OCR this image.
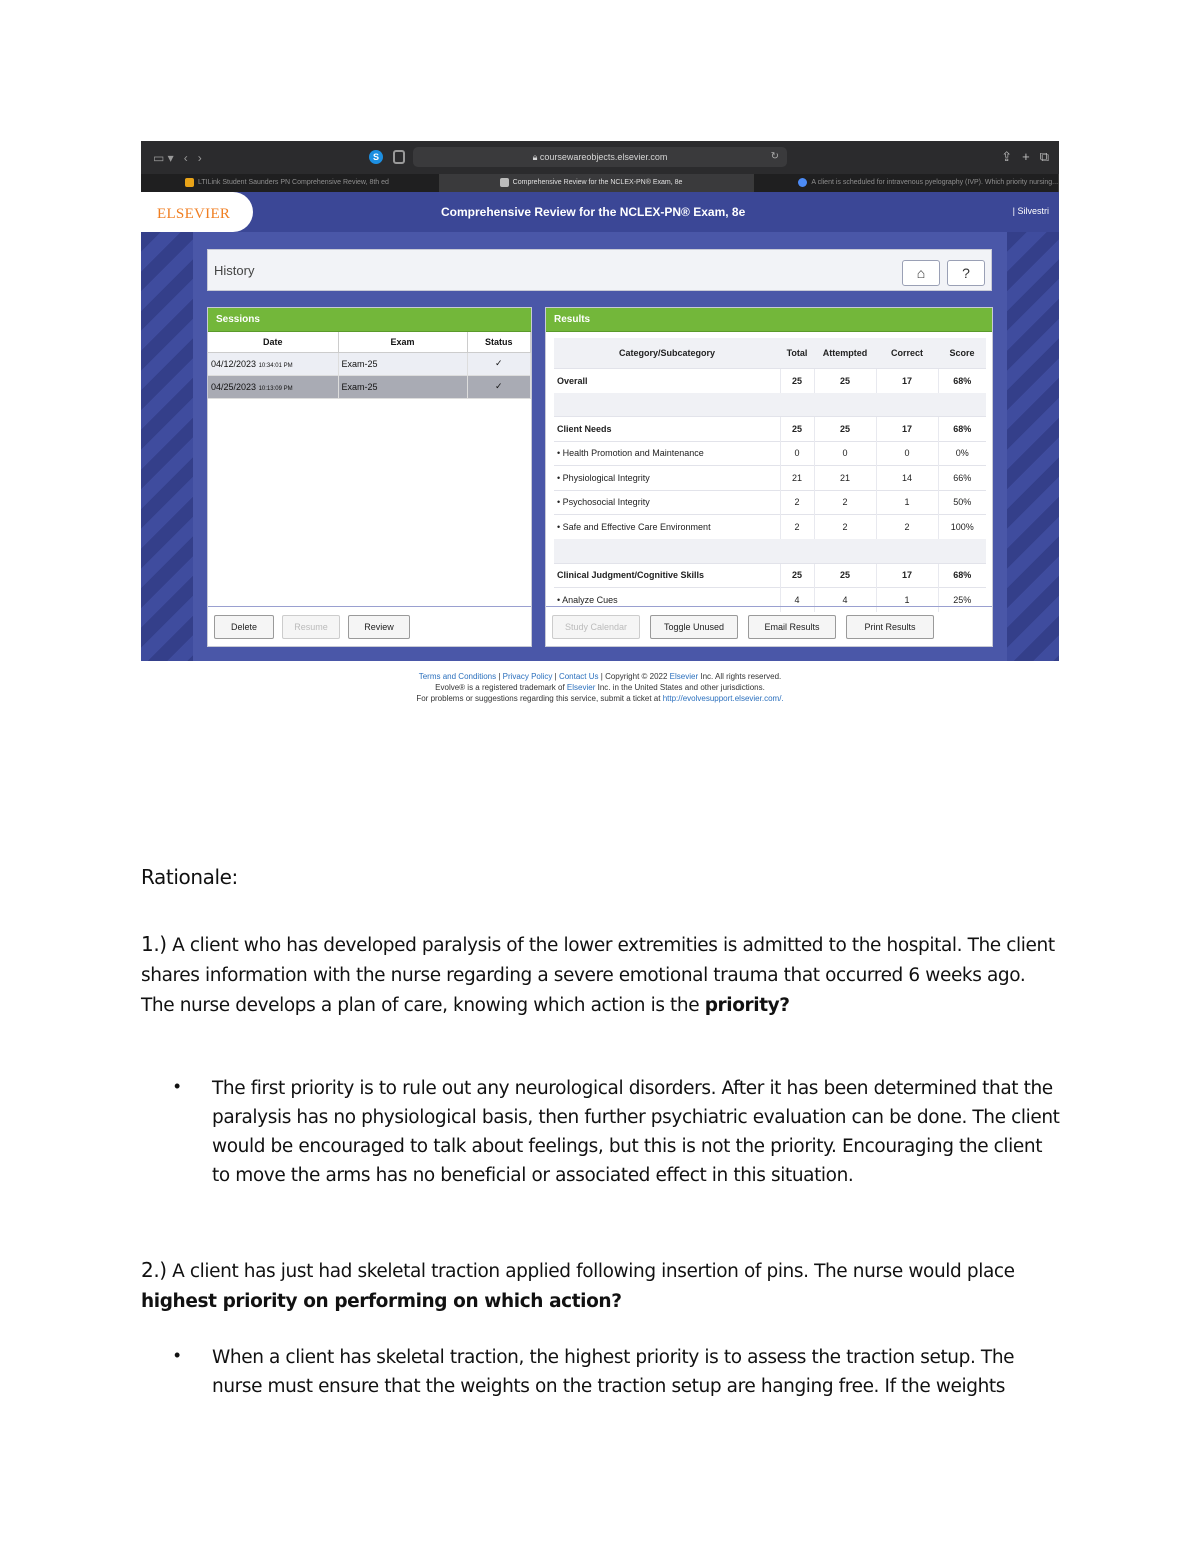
▭ ▾ ‹ ›	S	🔒︎ coursewareobjects.elsevier.com	↻	⇪ + ⧉
LTILink Student Saunders PN Comprehensive Review, 8th ed	Comprehensive Review for the NCLEX-PN® Exam, 8e	A client is scheduled for intravenous pyelography (IVP). Which priority nursing...
ELSEVIER	Comprehensive Review for the NCLEX-PN® Exam, 8e	| Silvestri
History	⌂	?
Sessions
Date	Exam	Status
04/12/2023 10:34:01 PM	Exam-25	✓
04/25/2023 10:13:09 PM	Exam-25	✓
Delete	Resume	Review
Results
Category/Subcategory	Total	Attempted	Correct	Score
Overall	25	25	17	68%

Client Needs	25	25	17	68%
• Health Promotion and Maintenance	0	0	0	0%
• Physiological Integrity	21	21	14	66%
• Psychosocial Integrity	2	2	1	50%
• Safe and Effective Care Environment	2	2	2	100%

Clinical Judgment/Cognitive Skills	25	25	17	68%
• Analyze Cues	4	4	1	25%
Study Calendar	Toggle Unused	Email Results	Print Results
Terms and Conditions | Privacy Policy | Contact Us | Copyright © 2022 Elsevier Inc. All rights reserved.
Evolve® is a registered trademark of Elsevier Inc. in the United States and other jurisdictions.
For problems or suggestions regarding this service, submit a ticket at http://evolvesupport.elsevier.com/.
Rationale:
1.) A client who has developed paralysis of the lower extremities is admitted to the hospital. The client shares information with the nurse regarding a severe emotional trauma that occurred 6 weeks ago. The nurse develops a plan of care, knowing which action is the priority?
• The first priority is to rule out any neurological disorders. After it has been determined that the paralysis has no physiological basis, then further psychiatric evaluation can be done. The client would be encouraged to talk about feelings, but this is not the priority. Encouraging the client to move the arms has no beneficial or associated effect in this situation.
2.) A client has just had skeletal traction applied following insertion of pins. The nurse would place highest priority on performing on which action?
• When a client has skeletal traction, the highest priority is to assess the traction setup. The nurse must ensure that the weights on the traction setup are hanging free. If the weights
